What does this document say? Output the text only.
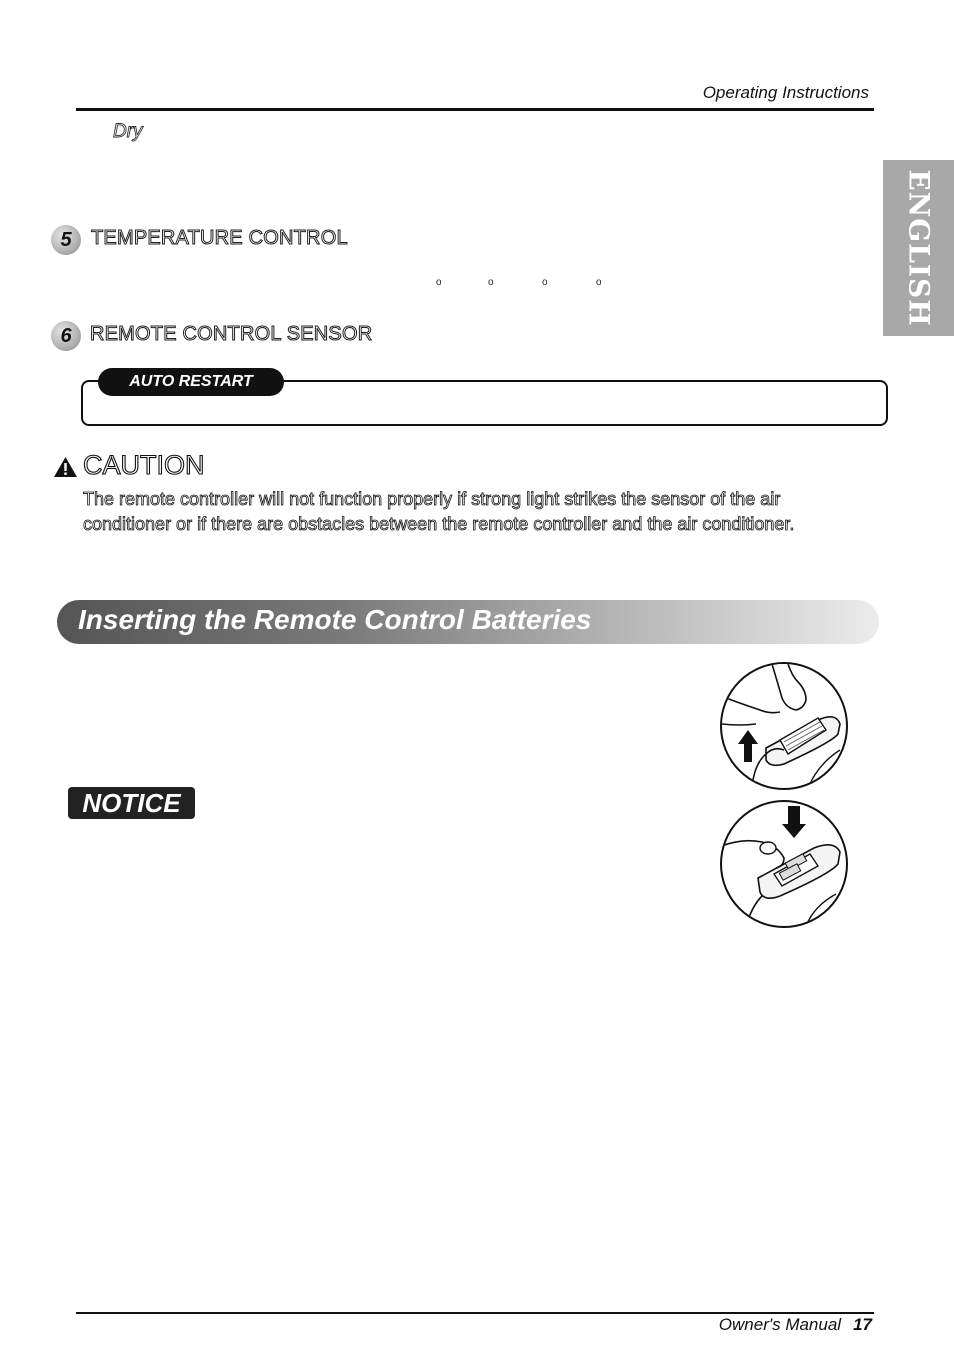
Operating Instructions
Dry
5 TEMPERATURE CONTROL
o	o	o	o
6 REMOTE CONTROL SENSOR
AUTO RESTART
CAUTION
The remote controller will not function properly if strong light strikes the sensor of the air
conditioner or if there are obstacles between the remote controller and the air conditioner.
Inserting the Remote Control Batteries
NOTICE
ENGLISH
Owner's Manual 17
